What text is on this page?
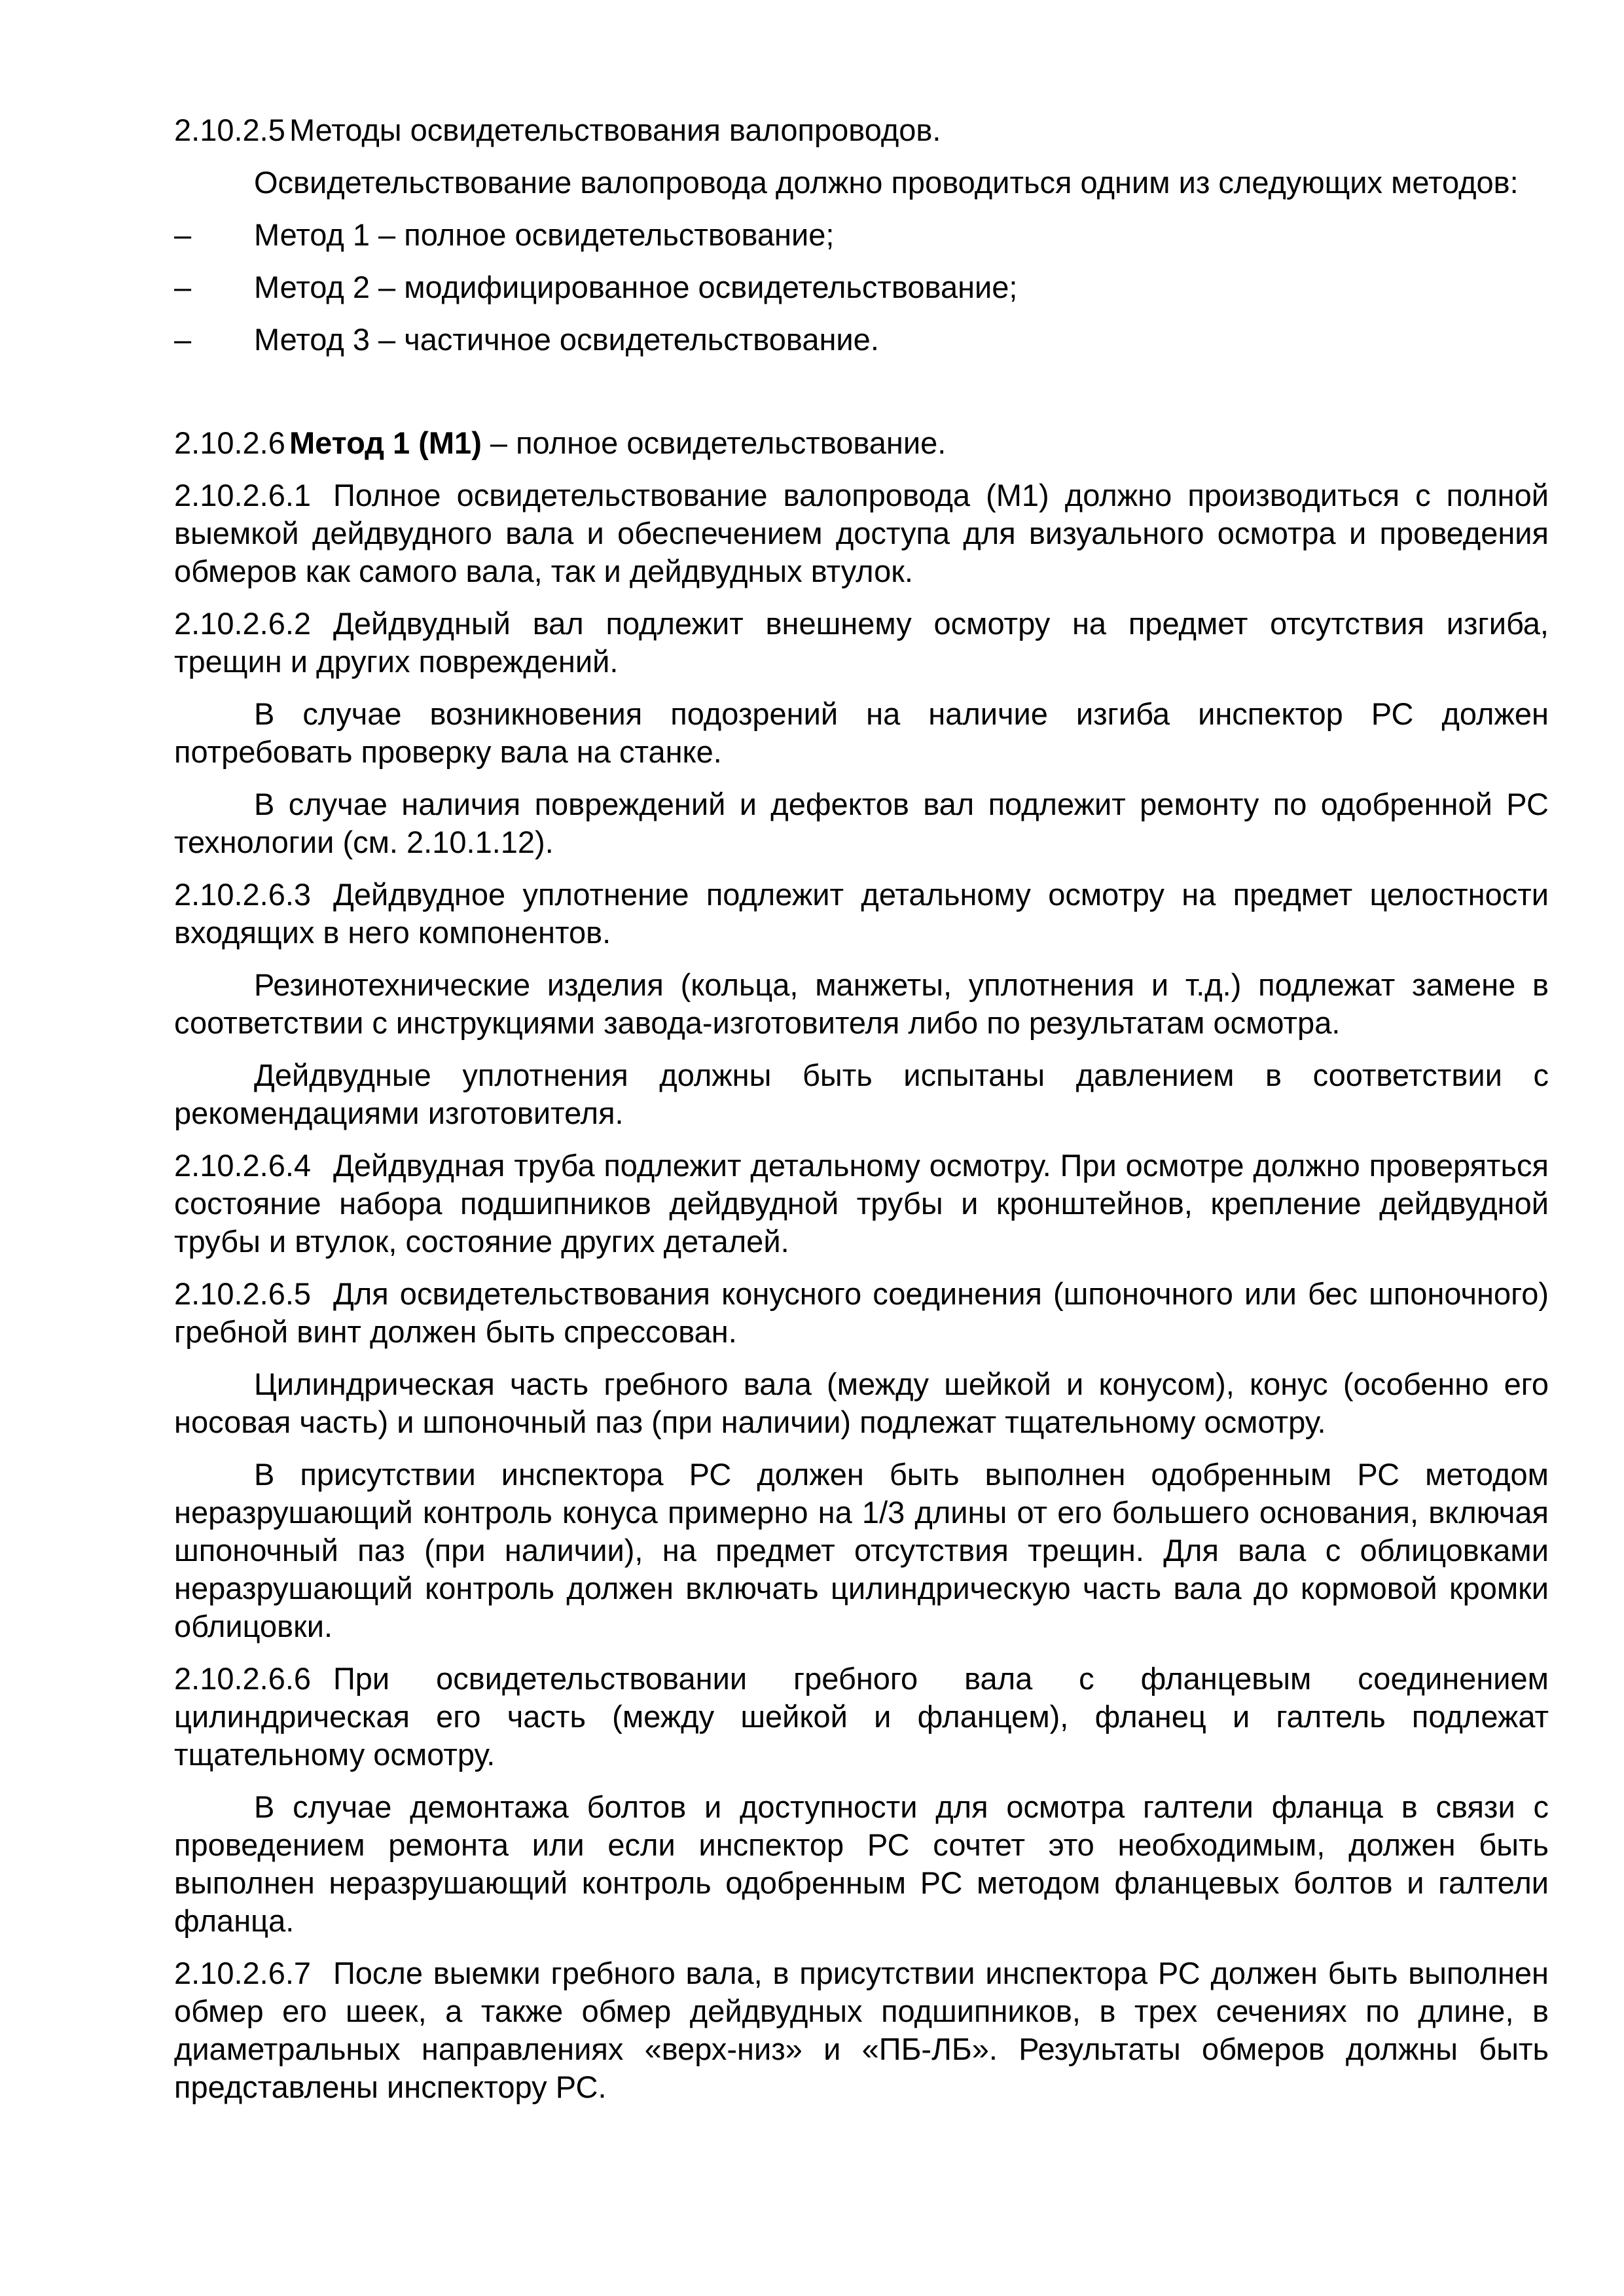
2.10.2.5 Методы освидетельствования валопроводов.

Освидетельствование валопровода должно проводиться одним из следующих методов:

–	Метод 1 – полное освидетельствование;
–	Метод 2 – модифицированное освидетельствование;
–	Метод 3 – частичное освидетельствование.

2.10.2.6 Метод 1 (М1) – полное освидетельствование.

2.10.2.6.1 Полное освидетельствование валопровода (М1) должно производиться с полной выемкой дейдвудного вала и обеспечением доступа для визуального осмотра и проведения обмеров как самого вала, так и дейдвудных втулок.

2.10.2.6.2 Дейдвудный вал подлежит внешнему осмотру на предмет отсутствия изгиба, трещин и других повреждений.

В случае возникновения подозрений на наличие изгиба инспектор РС должен потребовать проверку вала на станке.

В случае наличия повреждений и дефектов вал подлежит ремонту по одобренной РС технологии (см. 2.10.1.12).

2.10.2.6.3 Дейдвудное уплотнение подлежит детальному осмотру на предмет целостности входящих в него компонентов.

Резинотехнические изделия (кольца, манжеты, уплотнения и т.д.) подлежат замене в соответствии с инструкциями завода-изготовителя либо по результатам осмотра.

Дейдвудные уплотнения должны быть испытаны давлением в соответствии с рекомендациями изготовителя.

2.10.2.6.4 Дейдвудная труба подлежит детальному осмотру. При осмотре должно проверяться состояние набора подшипников дейдвудной трубы и кронштейнов, крепление дейдвудной трубы и втулок, состояние других деталей.

2.10.2.6.5 Для освидетельствования конусного соединения (шпоночного или бес шпоночного) гребной винт должен быть спрессован.

Цилиндрическая часть гребного вала (между шейкой и конусом), конус (особенно его носовая часть) и шпоночный паз (при наличии) подлежат тщательному осмотру.

В присутствии инспектора РС должен быть выполнен одобренным РС методом неразрушающий контроль конуса примерно на 1/3 длины от его большего основания, включая шпоночный паз (при наличии), на предмет отсутствия трещин. Для вала с облицовками неразрушающий контроль должен включать цилиндрическую часть вала до кормовой кромки облицовки.

2.10.2.6.6 При освидетельствовании гребного вала с фланцевым соединением цилиндрическая его часть (между шейкой и фланцем), фланец и галтель подлежат тщательному осмотру.

В случае демонтажа болтов и доступности для осмотра галтели фланца в связи с проведением ремонта или если инспектор РС сочтет это необходимым, должен быть выполнен неразрушающий контроль одобренным РС методом фланцевых болтов и галтели фланца.

2.10.2.6.7 После выемки гребного вала, в присутствии инспектора РС должен быть выполнен обмер его шеек, а также обмер дейдвудных подшипников, в трех сечениях по длине, в диаметральных направлениях «верх-низ» и «ПБ-ЛБ». Результаты обмеров должны быть представлены инспектору РС.
